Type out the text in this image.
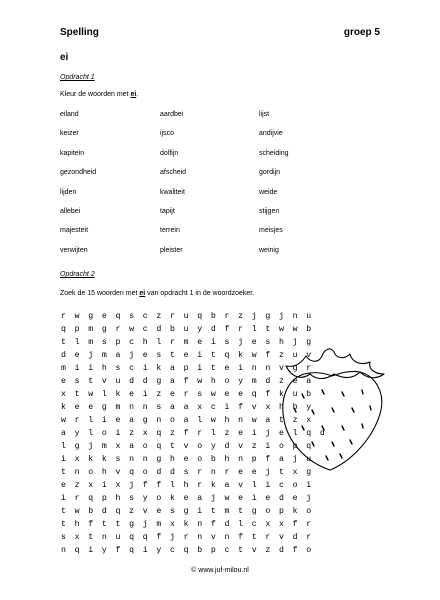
Spelling	groep 5
ei
Opdracht 1
Kleur de woorden met ei.
eiland	aardbei	lijst
keizer	ijsco	andijvie
kapitein	dolfijn	scheiding
gezondheid	afscheid	gordijn
lijden	kwaliteit	weide
allebei	tapijt	stijgen
majesteit	terrein	meisjes
verwijten	pleister	weinig
Opdracht 2
Zoek de 15 woorden met ei van opdracht 1 in de woordzoeker.
r w g e q s c z r u q b r z j g j n u
q p m g r w c d b u y d f r l t w w b
t l m s p c h l r m e i s j e s h j g
d e j m a j e s t e i t q k w f z u v
m i i h s c i k a p i t e i n n v g r
e s t v u d d g a f w h o y m d z e a
x t w l k e i z e r s w e e q f k u b
k e e g m n n s a a x c i f v x h b y
w r l i e a g n o a l w h n w a t z x
a y l o i z x q z f r l z e i j e l q d
l g j m x a o q t v o y d v z i o p q
i x k k s n n g h e o b h n p f a j u
t n o h v q o d d s r n r e e j t x g
e z x i x j f f l h r k a v l i c o i
i r q p h s y o k e a j w e i e d e j
t w b d q z v e s g i t m t g o p k o
t h f t t g j m x k n f d l c x x f r
s x t n u q q f j r n v n f t r v d r
n q i y f q i y c q b p c t v z d f o
© www.juf-milou.nl
